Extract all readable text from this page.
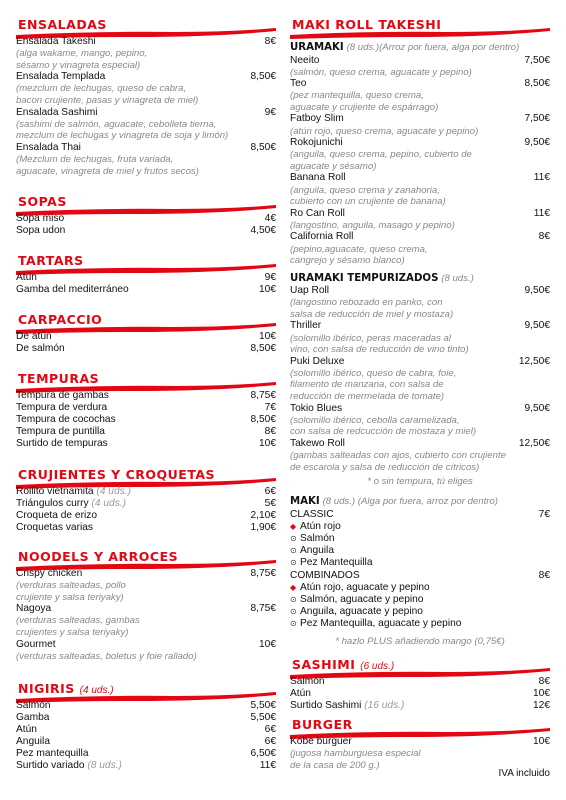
ENSALADAS
Ensalada Takeshi	8€
(alga wakame, mango, pepino,
sésamo y vinagreta especial)
Ensalada Templada	8,50€
(mezclum de lechugas, queso de cabra,
bacon crujiente, pasas y vinagreta de miel)
Ensalada Sashimi	9€
(sashimi de salmón, aguacate, cebolleta tierna,
mezclum de lechugas y vinagreta de soja y limón)
Ensalada Thai	8,50€
(Mezclum de lechugas, fruta variada,
aguacate, vinagreta de miel y frutos secos)
SOPAS
Sopa miso	4€
Sopa udon	4,50€
TARTARS
Atún	9€
Gamba del mediterráneo	10€
CARPACCIO
De atún	10€
De salmón	8,50€
TEMPURAS
Tempura de gambas	8,75€
Tempura de verdura	7€
Tempura de cocochas	8,50€
Tempura de puntilla	8€
Surtido de tempuras	10€
CRUJIENTES Y CROQUETAS
Rollito vietnamita (4 uds.)	6€
Triángulos curry (4 uds.)	5€
Croqueta de erizo	2,10€
Croquetas varias	1,90€
NOODELS Y ARROCES
Crispy chicken	8,75€
(verduras salteadas, pollo
crujiente y salsa teriyaky)
Nagoya	8,75€
(verduras salteadas, gambas
crujientes y salsa teriyaky)
Gourmet	10€
(verduras salteadas, boletus y foie rallado)
NIGIRIS (4 uds.)
Salmón	5,50€
Gamba	5,50€
Atún	6€
Anguila	6€
Pez mantequilla	6,50€
Surtido variado (8 uds.)	11€
MAKI ROLL TAKESHI
URAMAKI (8 uds.)(Arroz por fuera, alga por dentro)
Neeito	7,50€
(salmón, queso crema, aguacate y pepino)
Teo	8,50€
(pez mantequilla, queso crema,
aguacate y crujiente de espárrago)
Fatboy Slim	7,50€
(atún rojo, queso crema, aguacate y pepino)
Rokojunichi	9,50€
(anguila, queso crema, pepino, cubierto de
aguacate y sésamo)
Banana Roll	11€
(anguila, queso crema y zanahoria,
cubierto con un crujiente de banana)
Ro Can Roll	11€
(langostino, anguila, masago y pepino)
California Roll	8€
(pepino,aguacate, queso crema,
cangrejo y sésamo blanco)
URAMAKI TEMPURIZADOS (8 uds.)
Uap Roll	9,50€
(langostino rebozado en panko, con
salsa de reducción de miel y mostaza)
Thriller	9,50€
(solomillo ibérico, peras maceradas al
vino, con salsa de reducción de vino tinto)
Puki Deluxe	12,50€
(solomillo ibérico, queso de cabra, foie,
filamento de manzana, con salsa de
reducción de mermelada de tomate)
Tokio Blues	9,50€
(solomillo ibérico, cebolla caramelizada,
con salsa de redcucción de mostaza y miel)
Takewo Roll	12,50€
(gambas salteadas con ajos, cubierto con crujiente
de escarola y salsa de reducción de cítricos)
* o sin tempura, tú eliges
MAKI (8 uds.) (Alga por fuera, arroz por dentro)
CLASSIC	7€
◆ Atún rojo
⊙ Salmón
⊙ Anguila
⊙ Pez Mantequilla
COMBINADOS	8€
◆ Atún rojo, aguacate y pepino
⊙ Salmón, aguacate y pepino
⊙ Anguila, aguacate y pepino
⊙ Pez Mantequilla, aguacate y pepino
* hazlo PLUS añadiendo mango (0,75€)
SASHIMI (6 uds.)
Salmón	8€
Atún	10€
Surtido Sashimi (16 uds.)	12€
BURGER
Kobe burguer	10€
(jugosa hamburguesa especial
de la casa de 200 g.)
IVA incluido
